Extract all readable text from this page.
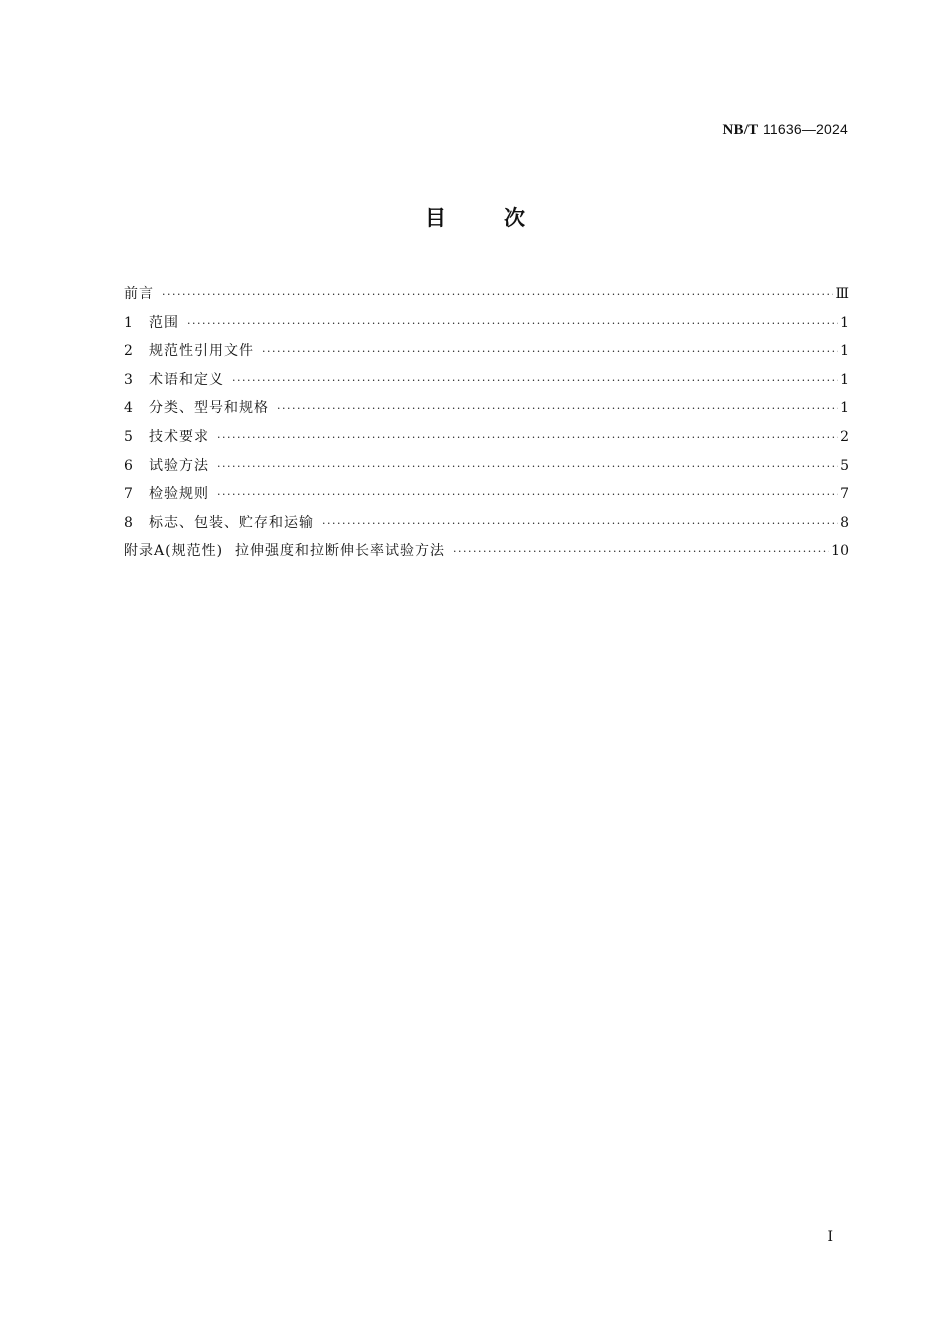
NB/T 11636—2024
目次
前言 ·····	Ⅲ
1	范围 ·····	1
2	规范性引用文件 ·····	1
3	术语和定义 ·····	1
4	分类、型号和规格 ·····	1
5	技术要求 ·····	2
6	试验方法 ·····	5
7	检验规则 ·····	7
8	标志、包装、贮存和运输 ·····	8
附录A(规范性) 拉伸强度和拉断伸长率试验方法 ·····	10
I
